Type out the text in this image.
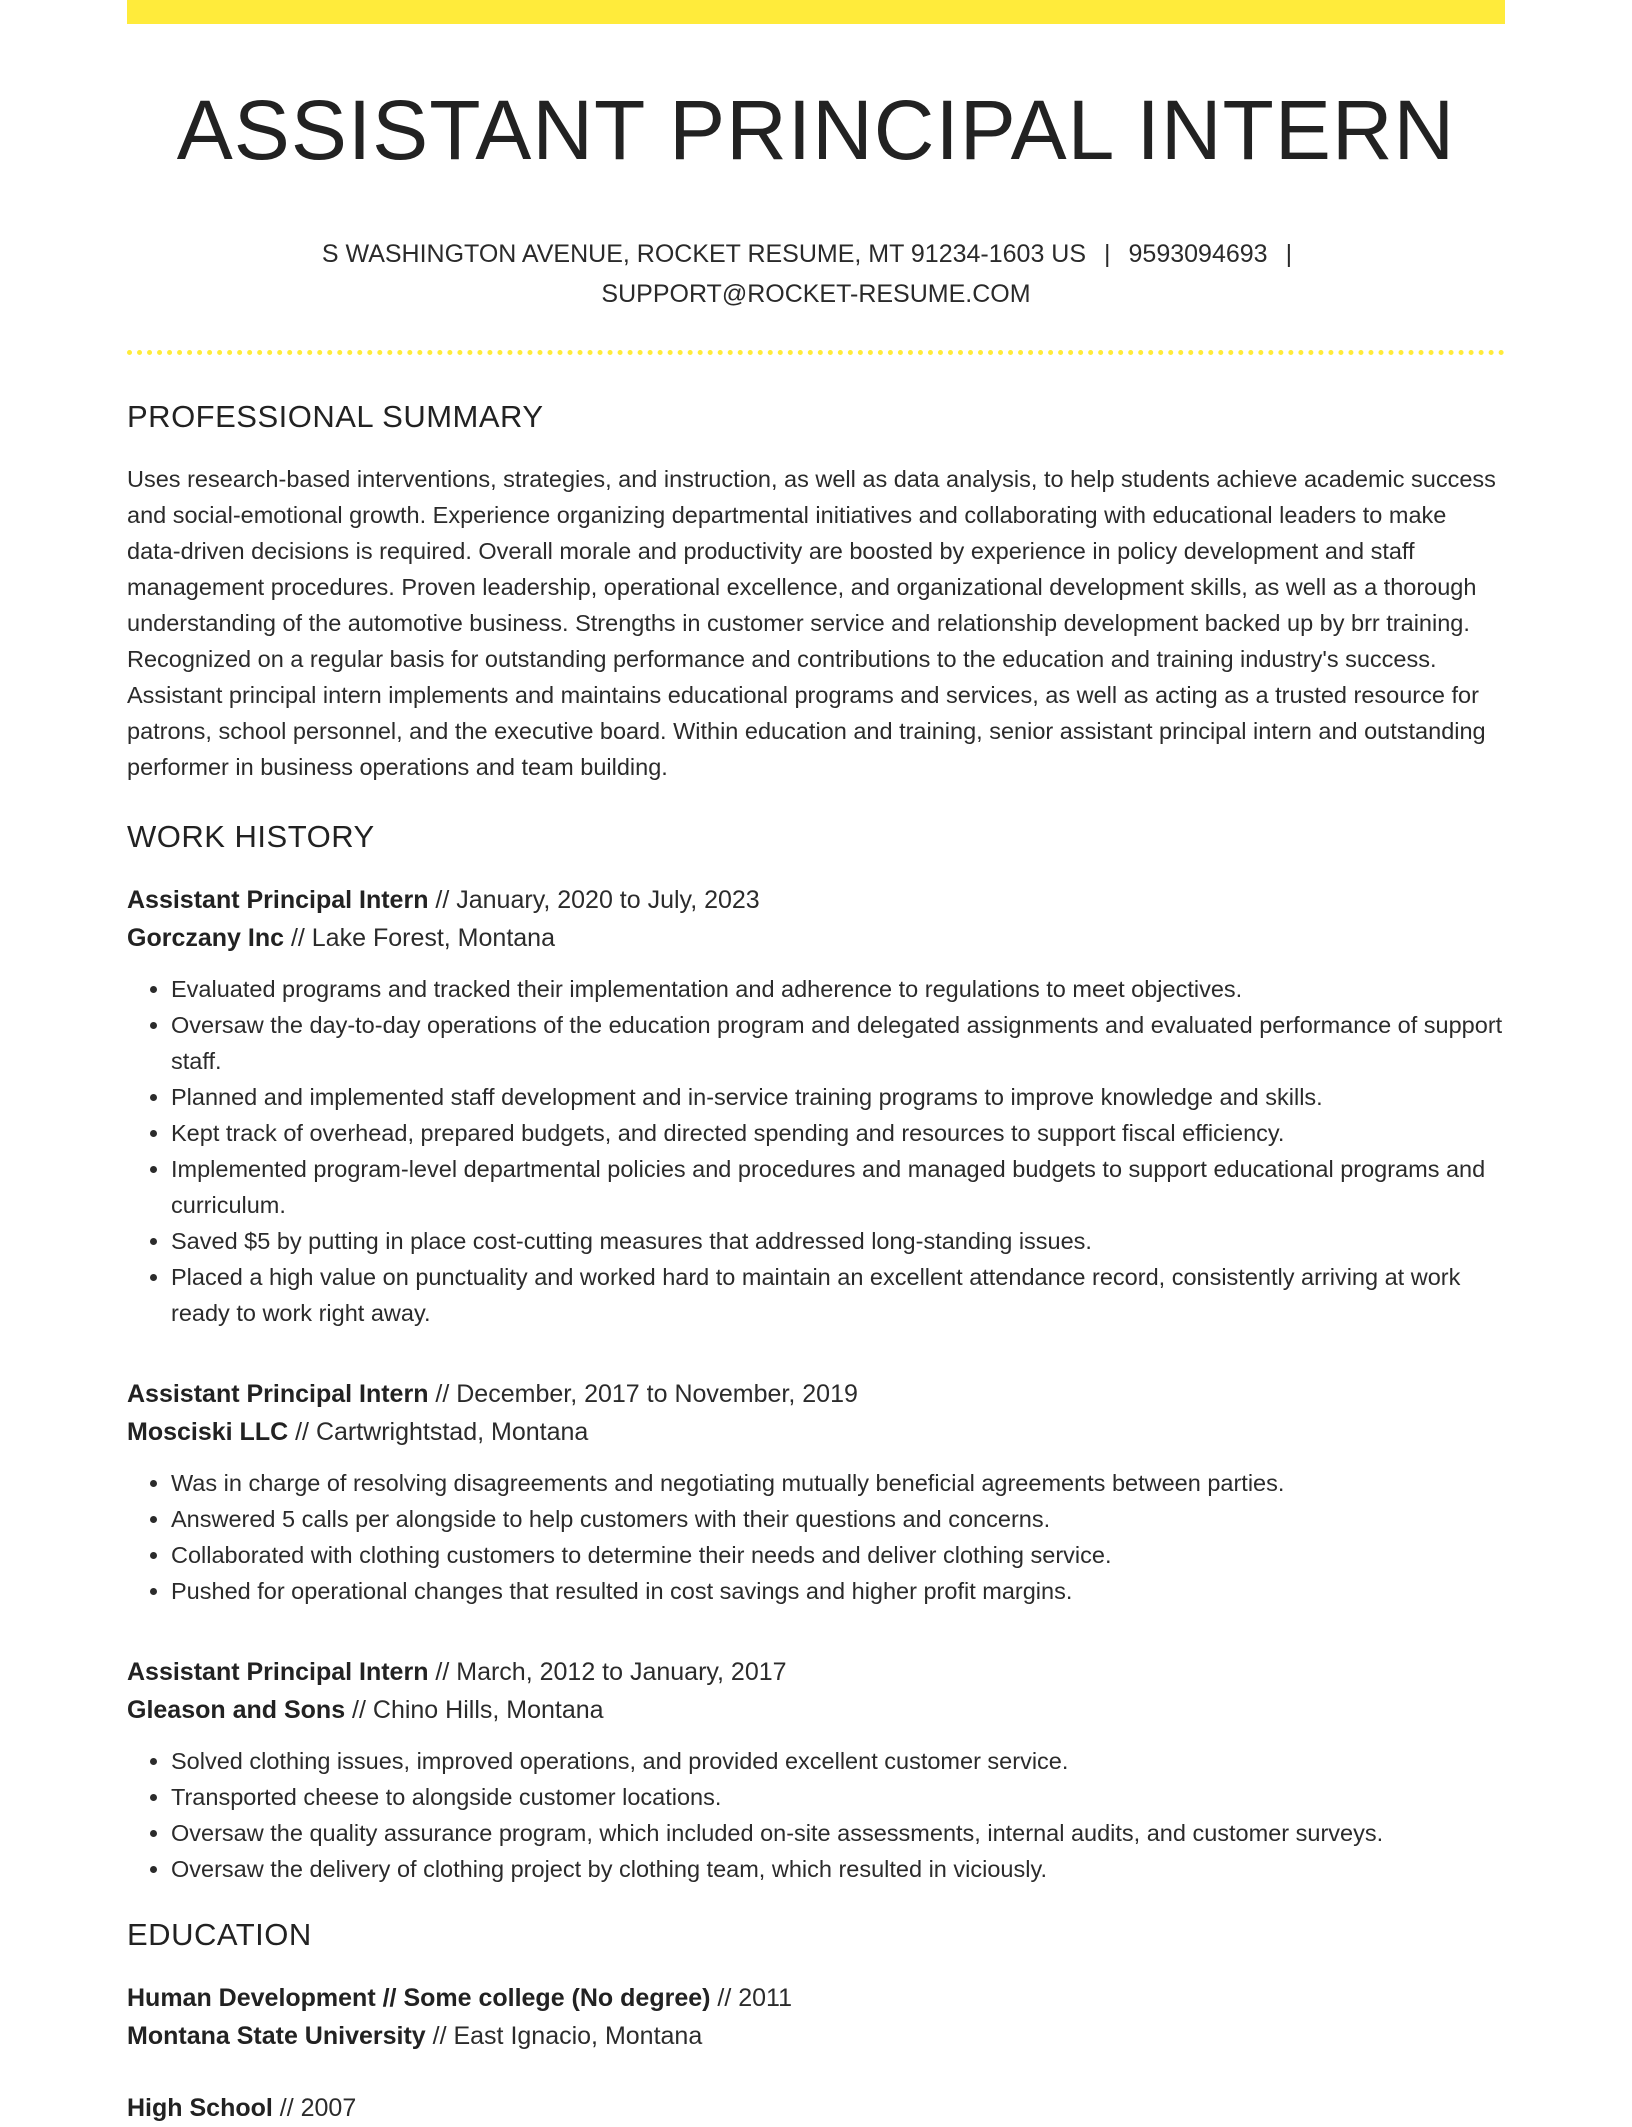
ASSISTANT PRINCIPAL INTERN
S WASHINGTON AVENUE, ROCKET RESUME, MT 91234-1603 US | 9593094693 |
SUPPORT@ROCKET-RESUME.COM
PROFESSIONAL SUMMARY
Uses research-based interventions, strategies, and instruction, as well as data analysis, to help students achieve academic success and social-emotional growth. Experience organizing departmental initiatives and collaborating with educational leaders to make data-driven decisions is required. Overall morale and productivity are boosted by experience in policy development and staff management procedures. Proven leadership, operational excellence, and organizational development skills, as well as a thorough understanding of the automotive business. Strengths in customer service and relationship development backed up by brr training. Recognized on a regular basis for outstanding performance and contributions to the education and training industry's success. Assistant principal intern implements and maintains educational programs and services, as well as acting as a trusted resource for patrons, school personnel, and the executive board. Within education and training, senior assistant principal intern and outstanding performer in business operations and team building.
WORK HISTORY
Assistant Principal Intern // January, 2020 to July, 2023
Gorczany Inc // Lake Forest, Montana
• Evaluated programs and tracked their implementation and adherence to regulations to meet objectives.
• Oversaw the day-to-day operations of the education program and delegated assignments and evaluated performance of support staff.
• Planned and implemented staff development and in-service training programs to improve knowledge and skills.
• Kept track of overhead, prepared budgets, and directed spending and resources to support fiscal efficiency.
• Implemented program-level departmental policies and procedures and managed budgets to support educational programs and curriculum.
• Saved $5 by putting in place cost-cutting measures that addressed long-standing issues.
• Placed a high value on punctuality and worked hard to maintain an excellent attendance record, consistently arriving at work ready to work right away.
Assistant Principal Intern // December, 2017 to November, 2019
Mosciski LLC // Cartwrightstad, Montana
• Was in charge of resolving disagreements and negotiating mutually beneficial agreements between parties.
• Answered 5 calls per alongside to help customers with their questions and concerns.
• Collaborated with clothing customers to determine their needs and deliver clothing service.
• Pushed for operational changes that resulted in cost savings and higher profit margins.
Assistant Principal Intern // March, 2012 to January, 2017
Gleason and Sons // Chino Hills, Montana
• Solved clothing issues, improved operations, and provided excellent customer service.
• Transported cheese to alongside customer locations.
• Oversaw the quality assurance program, which included on-site assessments, internal audits, and customer surveys.
• Oversaw the delivery of clothing project by clothing team, which resulted in viciously.
EDUCATION
Human Development // Some college (No degree) // 2011
Montana State University // East Ignacio, Montana
High School // 2007
